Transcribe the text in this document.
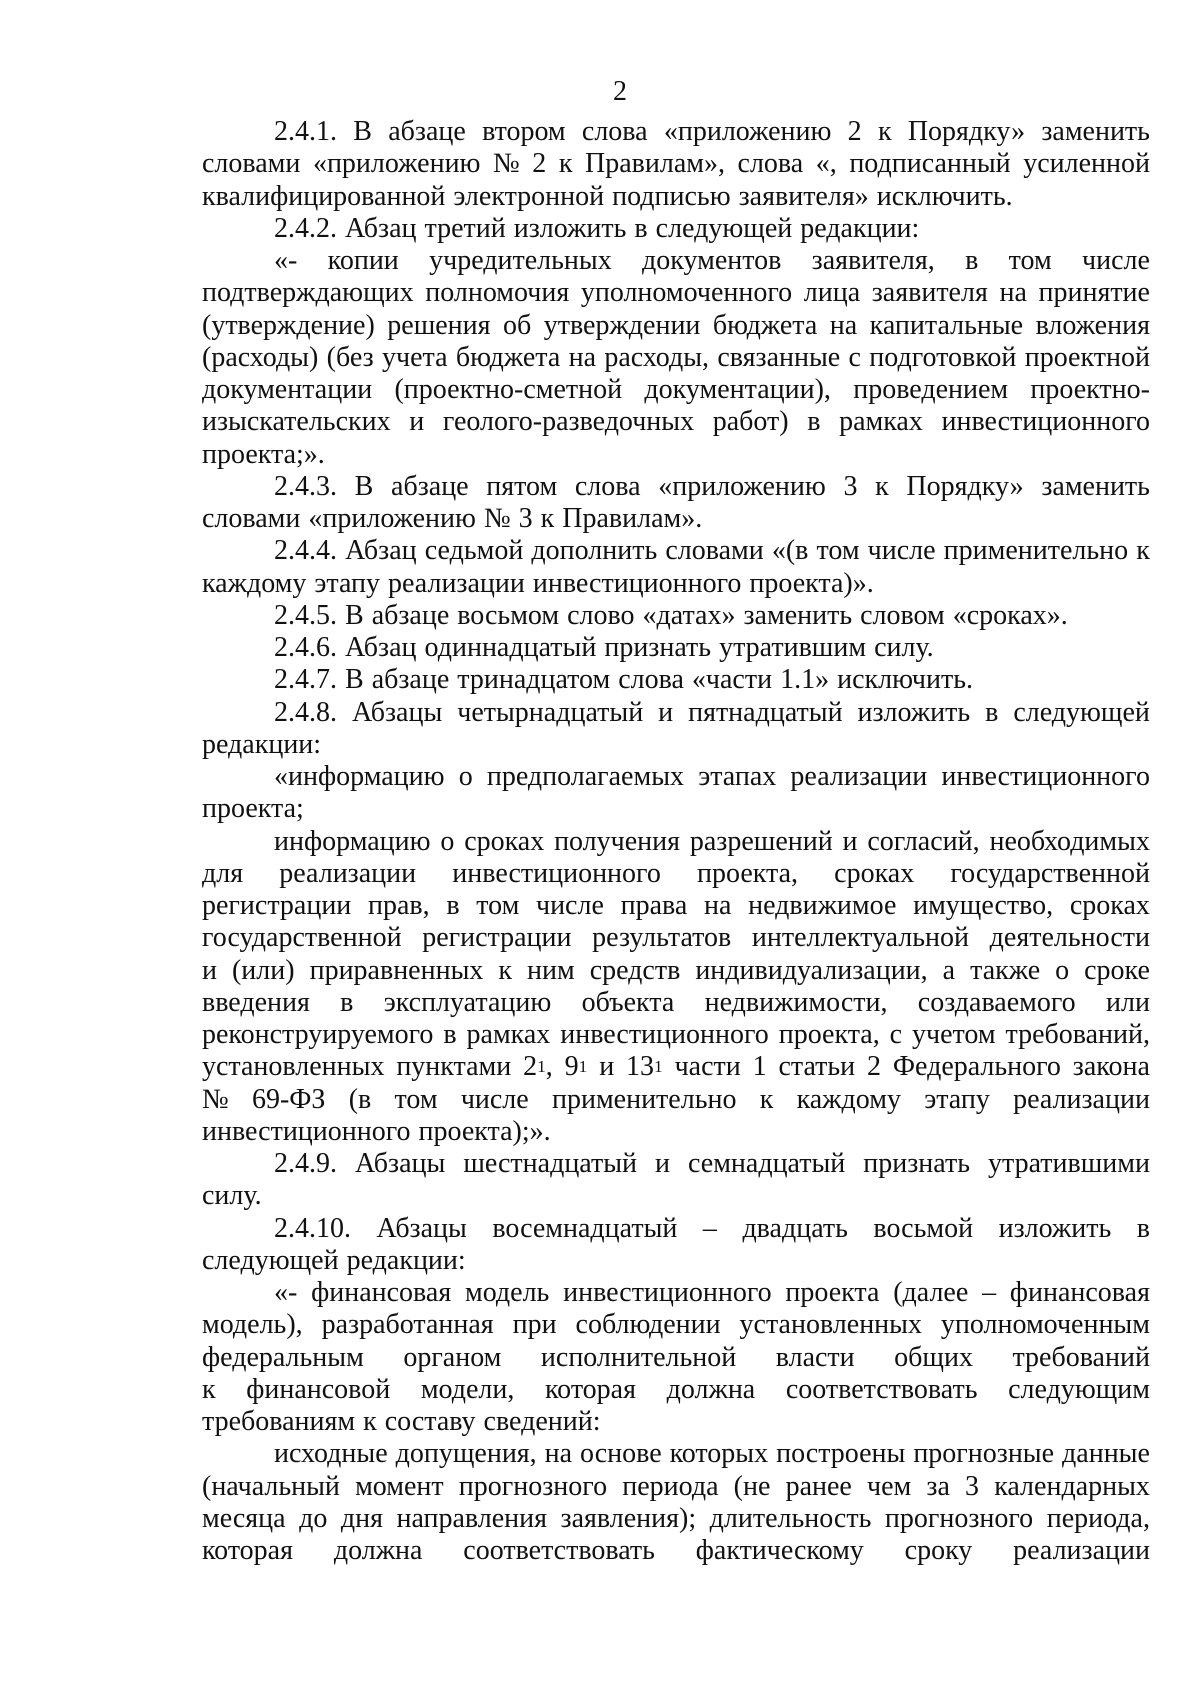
2

2.4.1. В абзаце втором слова «приложению 2 к Порядку» заменить
словами «приложению № 2 к Правилам», слова «, подписанный усиленной
квалифицированной электронной подписью заявителя» исключить.
2.4.2. Абзац третий изложить в следующей редакции:
«- копии учредительных документов заявителя, в том числе
подтверждающих полномочия уполномоченного лица заявителя на принятие
(утверждение) решения об утверждении бюджета на капитальные вложения
(расходы) (без учета бюджета на расходы, связанные с подготовкой проектной
документации (проектно-сметной документации), проведением проектно-
изыскательских и геолого-разведочных работ) в рамках инвестиционного
проекта;».
2.4.3. В абзаце пятом слова «приложению 3 к Порядку» заменить
словами «приложению № 3 к Правилам».
2.4.4. Абзац седьмой дополнить словами «(в том числе применительно к
каждому этапу реализации инвестиционного проекта)».
2.4.5. В абзаце восьмом слово «датах» заменить словом «сроках».
2.4.6. Абзац одиннадцатый признать утратившим силу.
2.4.7. В абзаце тринадцатом слова «части 1.1» исключить.
2.4.8. Абзацы четырнадцатый и пятнадцатый изложить в следующей
редакции:
«информацию о предполагаемых этапах реализации инвестиционного
проекта;
информацию о сроках получения разрешений и согласий, необходимых
для реализации инвестиционного проекта, сроках государственной
регистрации прав, в том числе права на недвижимое имущество, сроках
государственной регистрации результатов интеллектуальной деятельности
и (или) приравненных к ним средств индивидуализации, а также о сроке
введения в эксплуатацию объекта недвижимости, создаваемого или
реконструируемого в рамках инвестиционного проекта, с учетом требований,
установленных пунктами $2^1$, $9^1$ и $13^1$ части 1 статьи 2 Федерального закона
№ 69-ФЗ (в том числе применительно к каждому этапу реализации
инвестиционного проекта);».
2.4.9. Абзацы шестнадцатый и семнадцатый признать утратившими
силу.
2.4.10. Абзацы восемнадцатый – двадцать восьмой изложить в
следующей редакции:
«- финансовая модель инвестиционного проекта (далее – финансовая
модель), разработанная при соблюдении установленных уполномоченным
федеральным органом исполнительной власти общих требований
к финансовой модели, которая должна соответствовать следующим
требованиям к составу сведений:
исходные допущения, на основе которых построены прогнозные данные
(начальный момент прогнозного периода (не ранее чем за 3 календарных
месяца до дня направления заявления); длительность прогнозного периода,
которая должна соответствовать фактическому сроку реализации
